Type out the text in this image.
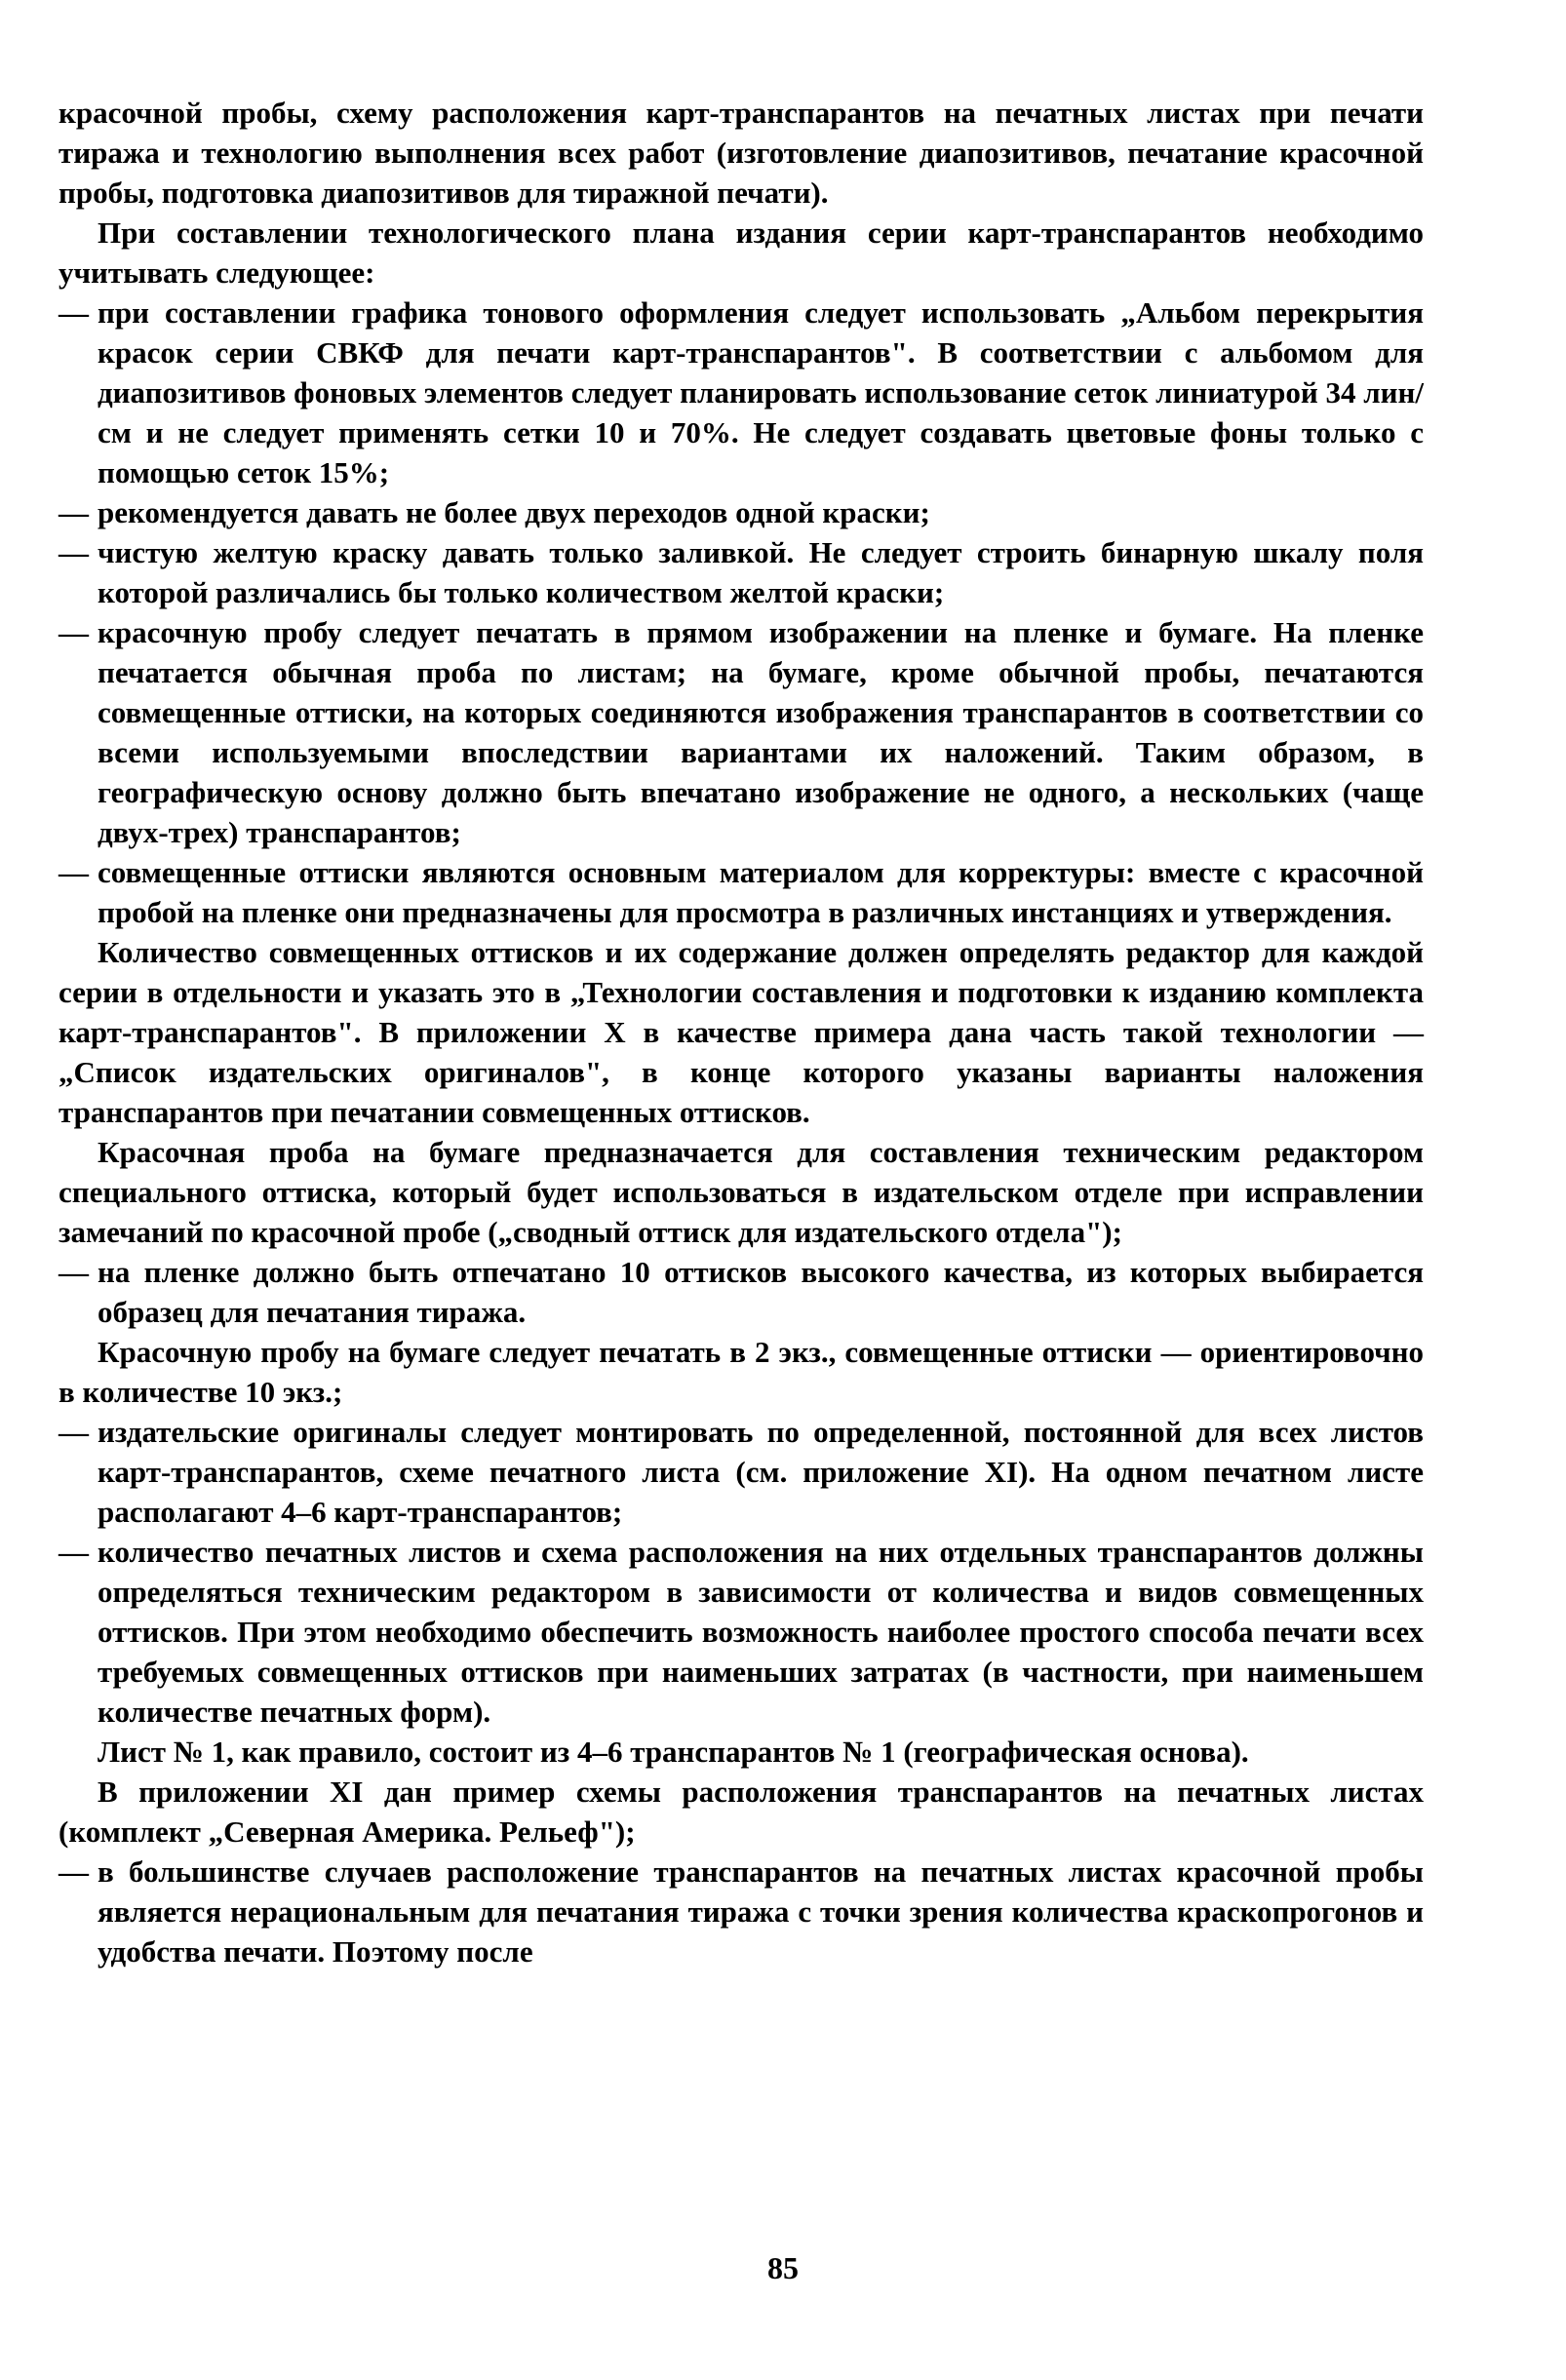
красочной пробы, схему расположения карт-транспарантов на печатных листах при печати тиража и технологию выполнения всех работ (изготовление диапозитивов, печатание красочной пробы, подготовка диапозитивов для тиражной печати).
При составлении технологического плана издания серии карт-транспарантов необходимо учитывать следующее:
— при составлении графика тонового оформления следует использовать „Альбом перекрытия красок серии СВКФ для печати карт-транспарантов". В соответствии с альбомом для диапозитивов фоновых элементов следует планировать использование сеток линиатурой 34 лин/см и не следует применять сетки 10 и 70%. Не следует создавать цветовые фоны только с помощью сеток 15%;
— рекомендуется давать не более двух переходов одной краски;
— чистую желтую краску давать только заливкой. Не следует строить бинарную шкалу поля которой различались бы только количеством желтой краски;
— красочную пробу следует печатать в прямом изображении на пленке и бумаге. На пленке печатается обычная проба по листам; на бумаге, кроме обычной пробы, печатаются совмещенные оттиски, на которых соединяются изображения транспарантов в соответствии со всеми используемыми впоследствии вариантами их наложений. Таким образом, в географическую основу должно быть впечатано изображение не одного, а нескольких (чаще двух-трех) транспарантов;
— совмещенные оттиски являются основным материалом для корректуры: вместе с красочной пробой на пленке они предназначены для просмотра в различных инстанциях и утверждения.
Количество совмещенных оттисков и их содержание должен определять редактор для каждой серии в отдельности и указать это в „Технологии составления и подготовки к изданию комплекта карт-транспарантов". В приложении X в качестве примера дана часть такой технологии — „Список издательских оригиналов", в конце которого указаны варианты наложения транспарантов при печатании совмещенных оттисков.
Красочная проба на бумаге предназначается для составления техническим редактором специального оттиска, который будет использоваться в издательском отделе при исправлении замечаний по красочной пробе („сводный оттиск для издательского отдела");
— на пленке должно быть отпечатано 10 оттисков высокого качества, из которых выбирается образец для печатания тиража.
Красочную пробу на бумаге следует печатать в 2 экз., совмещенные оттиски — ориентировочно в количестве 10 экз.;
— издательские оригиналы следует монтировать по определенной, постоянной для всех листов карт-транспарантов, схеме печатного листа (см. приложение XI). На одном печатном листе располагают 4–6 карт-транспарантов;
— количество печатных листов и схема расположения на них отдельных транспарантов должны определяться техническим редактором в зависимости от количества и видов совмещенных оттисков. При этом необходимо обеспечить возможность наиболее простого способа печати всех требуемых совмещенных оттисков при наименьших затратах (в частности, при наименьшем количестве печатных форм).
Лист № 1, как правило, состоит из 4–6 транспарантов № 1 (географическая основа).
В приложении XI дан пример схемы расположения транспарантов на печатных листах (комплект „Северная Америка. Рельеф");
— в большинстве случаев расположение транспарантов на печатных листах красочной пробы является нерациональным для печатания тиража с точки зрения количества краскопрогонов и удобства печати. Поэтому после
85
